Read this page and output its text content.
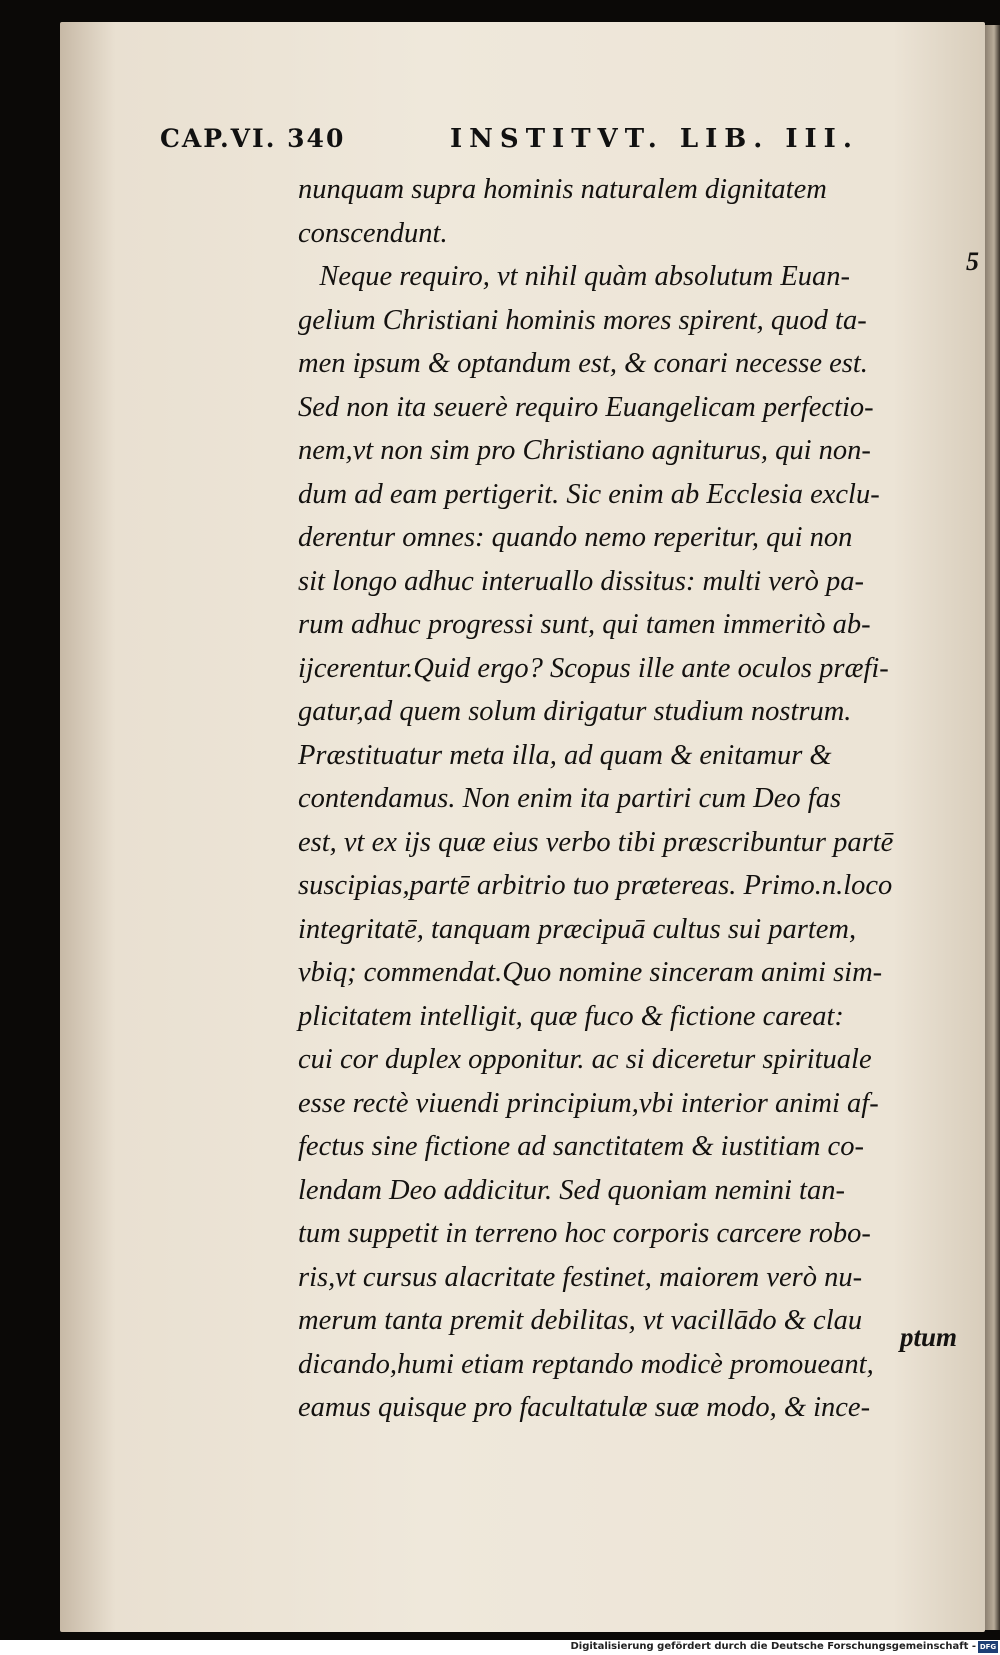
CAP.VI. 340	INSTITVT. LIB. III.
5
nunquam supra hominis naturalem dignitatem
conscendunt.
Neque requiro, vt nihil quàm absolutum Euan-
gelium Christiani hominis mores spirent, quod ta-
men ipsum & optandum est, & conari necesse est.
Sed non ita seuerè requiro Euangelicam perfectio-
nem,vt non sim pro Christiano agniturus, qui non-
dum ad eam pertigerit. Sic enim ab Ecclesia exclu-
derentur omnes: quando nemo reperitur, qui non
sit longo adhuc interuallo dissitus: multi verò pa-
rum adhuc progressi sunt, qui tamen immeritò ab-
ijcerentur.Quid ergo? Scopus ille ante oculos præfi-
gatur,ad quem solum dirigatur studium nostrum.
Præstituatur meta illa, ad quam & enitamur &
contendamus. Non enim ita partiri cum Deo fas
est, vt ex ijs quæ eius verbo tibi præscribuntur partē
suscipias,partē arbitrio tuo prætereas. Primo.n.loco
integritatē, tanquam præcipuā cultus sui partem,
vbiq; commendat.Quo nomine sinceram animi sim-
plicitatem intelligit, quæ fuco & fictione careat:
cui cor duplex opponitur. ac si diceretur spirituale
esse rectè viuendi principium,vbi interior animi af-
fectus sine fictione ad sanctitatem & iustitiam co-
lendam Deo addicitur. Sed quoniam nemini tan-
tum suppetit in terreno hoc corporis carcere robo-
ris,vt cursus alacritate festinet, maiorem verò nu-
merum tanta premit debilitas, vt vacillādo & clau
dicando,humi etiam reptando modicè promoueant,
eamus quisque pro facultatulæ suæ modo, & ince-
ptum
Digitalisierung gefördert durch die Deutsche Forschungsgemeinschaft - DFG
